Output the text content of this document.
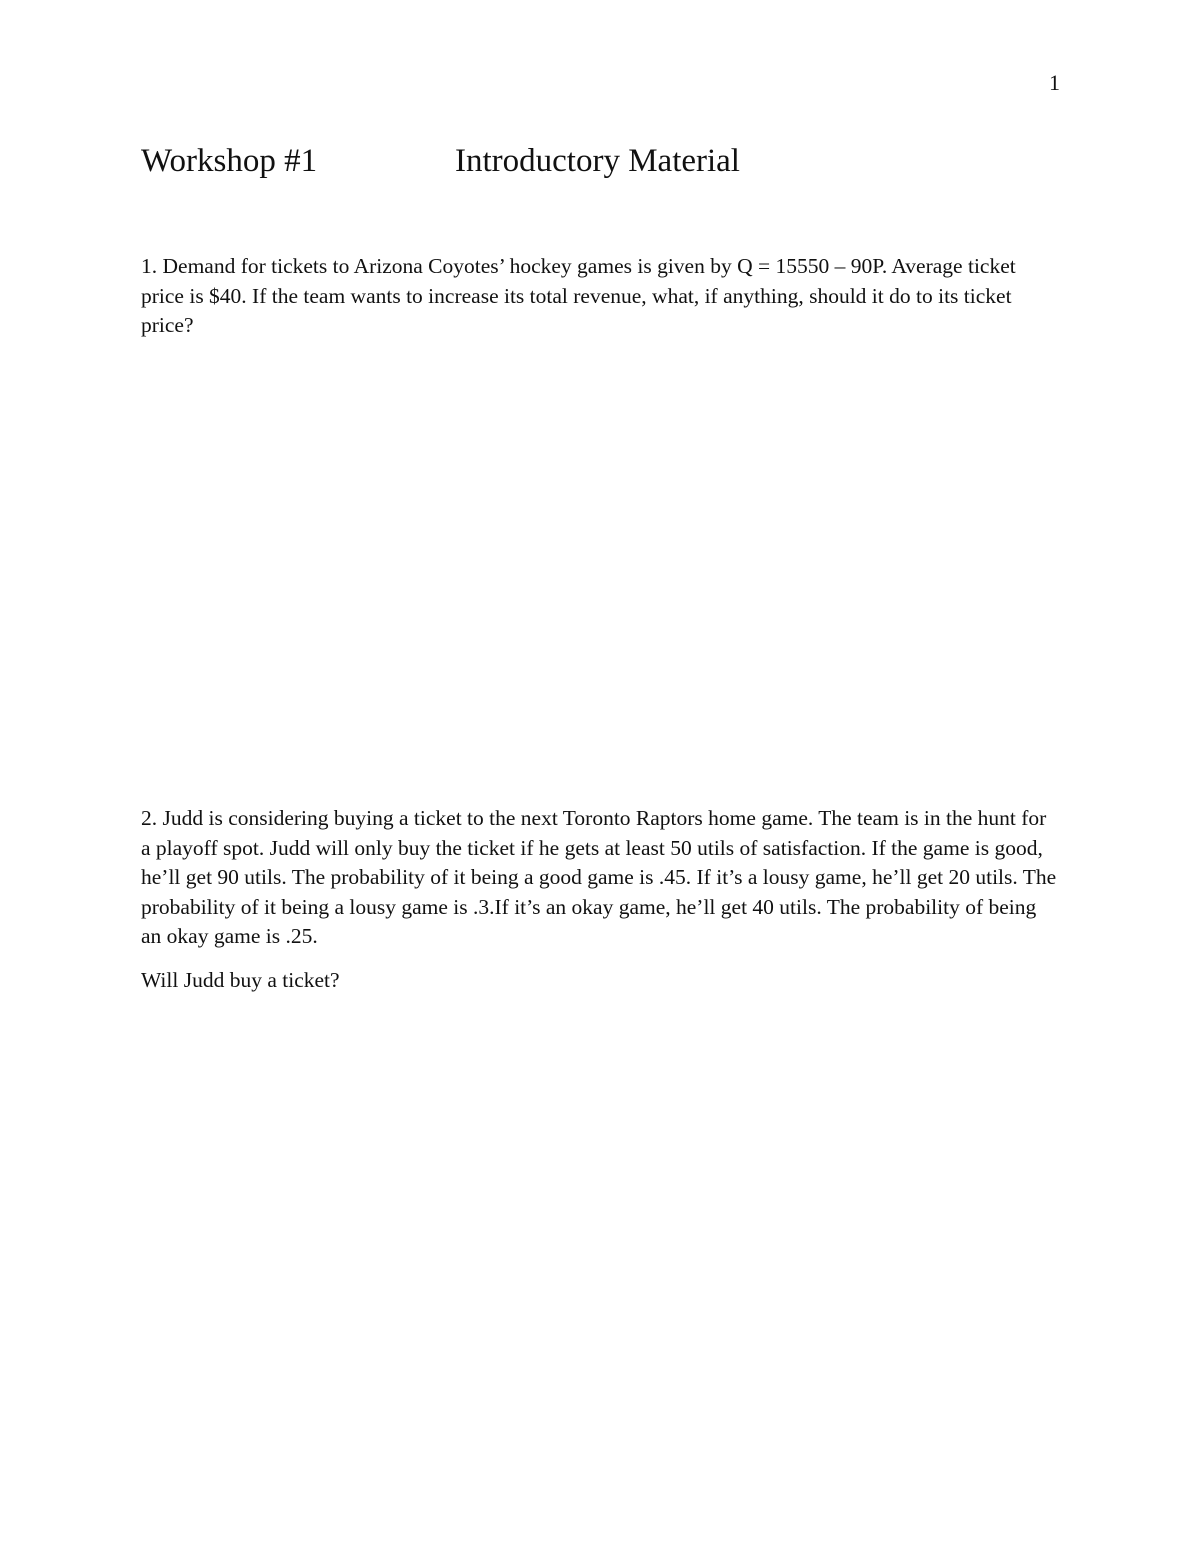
1
Workshop #1	Introductory Material

1. Demand for tickets to Arizona Coyotes’ hockey games is given by Q = 15550 – 90P. Average ticket price is $40. If the team wants to increase its total revenue, what, if anything, should it do to its ticket price?

2. Judd is considering buying a ticket to the next Toronto Raptors home game. The team is in the hunt for a playoff spot. Judd will only buy the ticket if he gets at least 50 utils of satisfaction. If the game is good, he’ll get 90 utils. The probability of it being a good game is .45. If it’s a lousy game, he’ll get 20 utils. The probability of it being a lousy game is .3.If it’s an okay game, he’ll get 40 utils. The probability of being an okay game is .25.

Will Judd buy a ticket?
